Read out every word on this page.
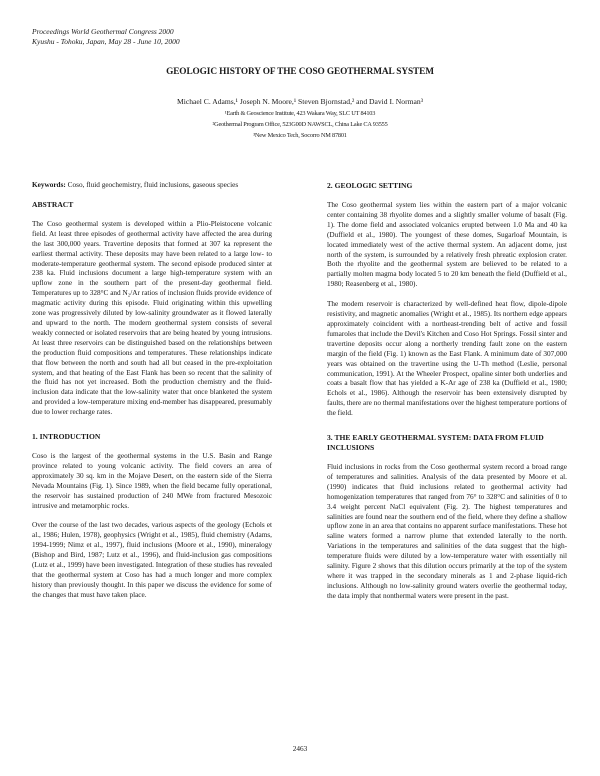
Proceedings World Geothermal Congress 2000
Kyushu - Tohoku, Japan, May 28 - June 10, 2000
GEOLOGIC HISTORY OF THE COSO GEOTHERMAL SYSTEM
Michael C. Adams,¹ Joseph N. Moore,¹ Steven Bjornstad,² and David I. Norman³
¹Earth & Geoscience Institute, 423 Wakara Way, SLC UT 84103
²Geothermal Program Office, 523G00D NAWSCL, China Lake CA 93555
³New Mexico Tech, Socorro NM 87801

Keywords: Coso, fluid geochemistry, fluid inclusions, gaseous species

ABSTRACT

The Coso geothermal system is developed within a Plio-Pleistocene volcanic field. At least three episodes of geothermal activity have affected the area during the last 300,000 years. Travertine deposits that formed at 307 ka represent the earliest thermal activity. These deposits may have been related to a large low- to moderate-temperature geothermal system. The second episode produced sinter at 238 ka. Fluid inclusions document a large high-temperature system with an upflow zone in the southern part of the present-day geothermal field. Temperatures up to 328°C and N₂/Ar ratios of inclusion fluids provide evidence of magmatic activity during this episode. Fluid originating within this upwelling zone was progressively diluted by low-salinity groundwater as it flowed laterally and upward to the north. The modern geothermal system consists of several weakly connected or isolated reservoirs that are being heated by young intrusions. At least three reservoirs can be distinguished based on the relationships between the production fluid compositions and temperatures. These relationships indicate that flow between the north and south had all but ceased in the pre-exploitation system, and that heating of the East Flank has been so recent that the salinity of the fluid has not yet increased. Both the production chemistry and the fluid-inclusion data indicate that the low-salinity water that once blanketed the system and provided a low-temperature mixing end-member has disappeared, presumably due to lower recharge rates.

1. INTRODUCTION

Coso is the largest of the geothermal systems in the U.S. Basin and Range province related to young volcanic activity. The field covers an area of approximately 30 sq. km in the Mojave Desert, on the eastern side of the Sierra Nevada Mountains (Fig. 1). Since 1989, when the field became fully operational, the reservoir has sustained production of 240 MWe from fractured Mesozoic intrusive and metamorphic rocks.

Over the course of the last two decades, various aspects of the geology (Echols et al., 1986; Hulen, 1978), geophysics (Wright et al., 1985), fluid chemistry (Adams, 1994-1999; Nimz et al., 1997), fluid inclusions (Moore et al., 1990), mineralogy (Bishop and Bird, 1987; Lutz et al., 1996), and fluid-inclusion gas compositions (Lutz et al., 1999) have been investigated. Integration of these studies has revealed that the geothermal system at Coso has had a much longer and more complex history than previously thought. In this paper we discuss the evidence for some of the changes that must have taken place.

2. GEOLOGIC SETTING

The Coso geothermal system lies within the eastern part of a major volcanic center containing 38 rhyolite domes and a slightly smaller volume of basalt (Fig. 1). The dome field and associated volcanics erupted between 1.0 Ma and 40 ka (Duffield et al., 1980). The youngest of these domes, Sugarloaf Mountain, is located immediately west of the active thermal system. An adjacent dome, just north of the system, is surrounded by a relatively fresh phreatic explosion crater. Both the rhyolite and the geothermal system are believed to be related to a partially molten magma body located 5 to 20 km beneath the field (Duffield et al., 1980; Reasenberg et al., 1980).

The modern reservoir is characterized by well-defined heat flow, dipole-dipole resistivity, and magnetic anomalies (Wright et al., 1985). Its northern edge appears approximately coincident with a northeast-trending belt of active and fossil fumaroles that include the Devil's Kitchen and Coso Hot Springs. Fossil sinter and travertine deposits occur along a northerly trending fault zone on the eastern margin of the field (Fig. 1) known as the East Flank. A minimum date of 307,000 years was obtained on the travertine using the U-Th method (Leslie, personal communication, 1991). At the Wheeler Prospect, opaline sinter both underlies and coats a basalt flow that has yielded a K-Ar age of 238 ka (Duffield et al., 1980; Echols et al., 1986). Although the reservoir has been extensively disrupted by faults, there are no thermal manifestations over the highest temperature portions of the field.

3. THE EARLY GEOTHERMAL SYSTEM: DATA FROM FLUID INCLUSIONS

Fluid inclusions in rocks from the Coso geothermal system record a broad range of temperatures and salinities. Analysis of the data presented by Moore et al. (1990) indicates that fluid inclusions related to geothermal activity had homogenization temperatures that ranged from 76° to 328°C and salinities of 0 to 3.4 weight percent NaCl equivalent (Fig. 2). The highest temperatures and salinities are found near the southern end of the field, where they define a shallow upflow zone in an area that contains no apparent surface manifestations. These hot saline waters formed a narrow plume that extended laterally to the north. Variations in the temperatures and salinities of the data suggest that the high-temperature fluids were diluted by a low-temperature water with essentially nil salinity. Figure 2 shows that this dilution occurs primarily at the top of the system where it was trapped in the secondary minerals as 1 and 2-phase liquid-rich inclusions. Although no low-salinity ground waters overlie the geothermal today, the data imply that nonthermal waters were present in the past.

2463
